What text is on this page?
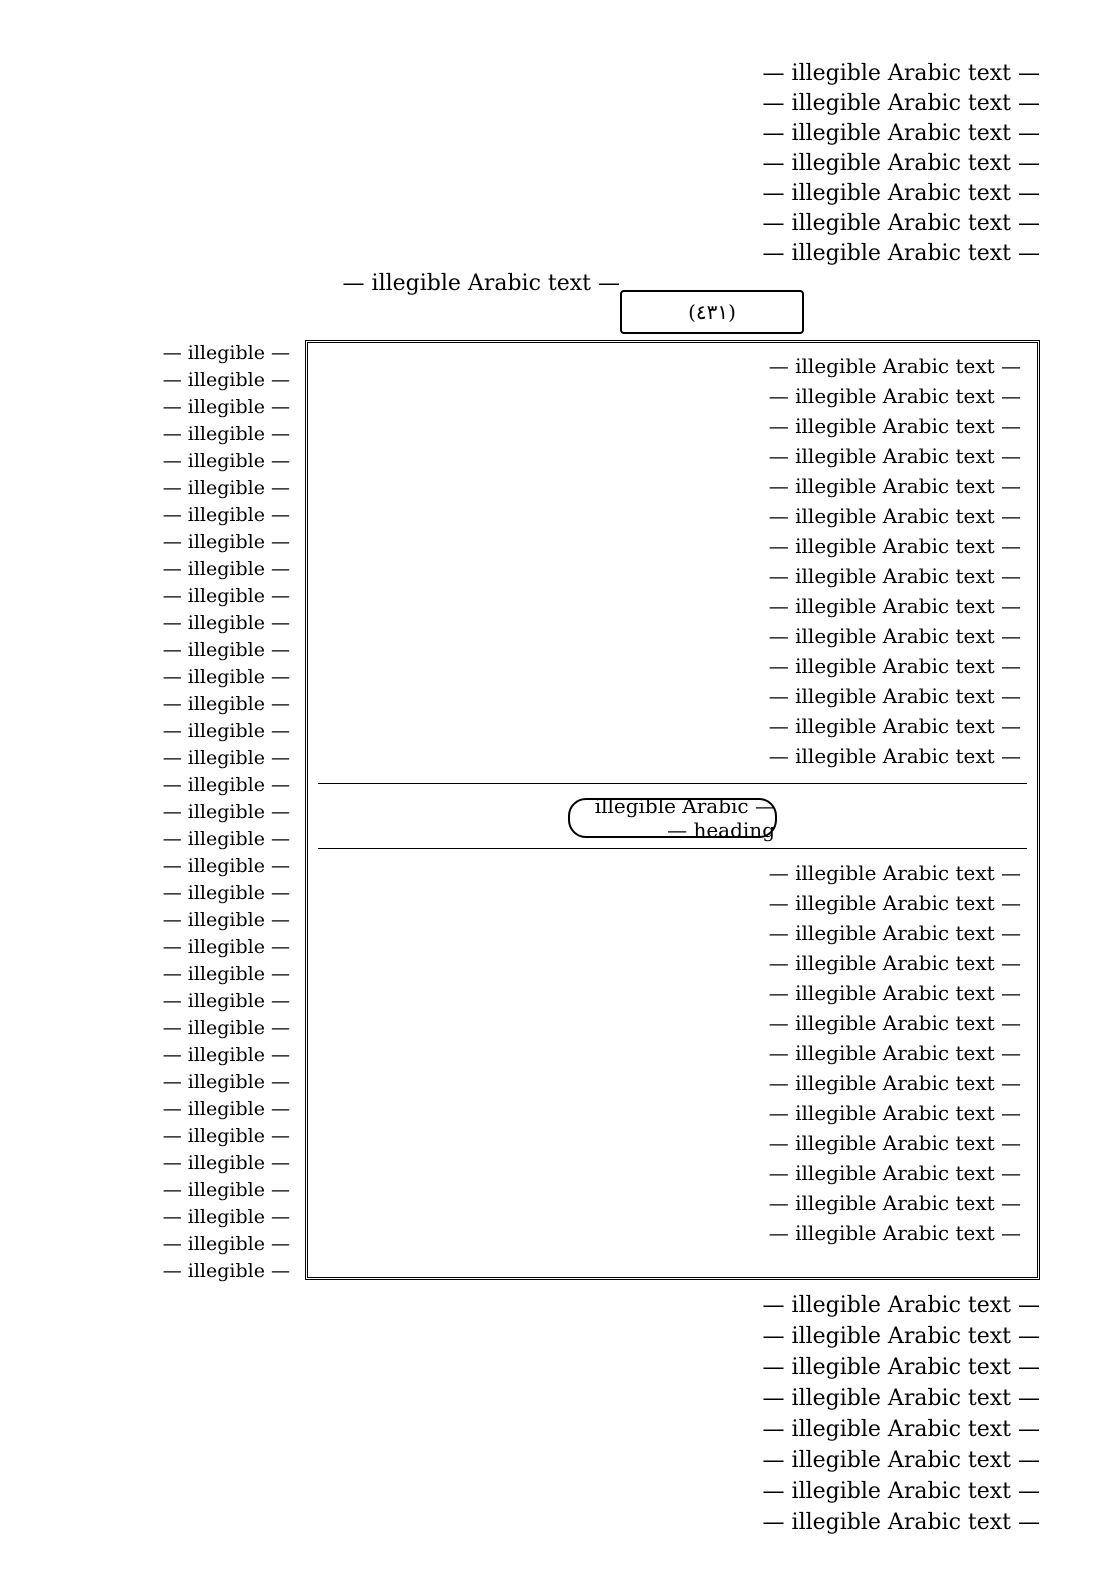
— illegible Arabic text —
— illegible Arabic text —
— illegible Arabic text —
— illegible Arabic text —
— illegible Arabic text —
— illegible Arabic text —
— illegible Arabic text —
— illegible Arabic text —
(٤٣١)
— illegible —
— illegible —
— illegible —
— illegible —
— illegible —
— illegible —
— illegible —
— illegible —
— illegible —
— illegible —
— illegible —
— illegible —
— illegible —
— illegible —
— illegible —
— illegible —
— illegible —
— illegible —
— illegible —
— illegible —
— illegible —
— illegible —
— illegible —
— illegible —
— illegible —
— illegible —
— illegible —
— illegible —
— illegible —
— illegible —
— illegible —
— illegible —
— illegible —
— illegible —
— illegible —
— illegible Arabic text —
— illegible Arabic text —
— illegible Arabic text —
— illegible Arabic text —
— illegible Arabic text —
— illegible Arabic text —
— illegible Arabic text —
— illegible Arabic text —
— illegible Arabic text —
— illegible Arabic text —
— illegible Arabic text —
— illegible Arabic text —
— illegible Arabic text —
— illegible Arabic text —
— illegible Arabic heading —
— illegible Arabic text —
— illegible Arabic text —
— illegible Arabic text —
— illegible Arabic text —
— illegible Arabic text —
— illegible Arabic text —
— illegible Arabic text —
— illegible Arabic text —
— illegible Arabic text —
— illegible Arabic text —
— illegible Arabic text —
— illegible Arabic text —
— illegible Arabic text —
— illegible Arabic text —
— illegible Arabic text —
— illegible Arabic text —
— illegible Arabic text —
— illegible Arabic text —
— illegible Arabic text —
— illegible Arabic text —
— illegible Arabic text —
